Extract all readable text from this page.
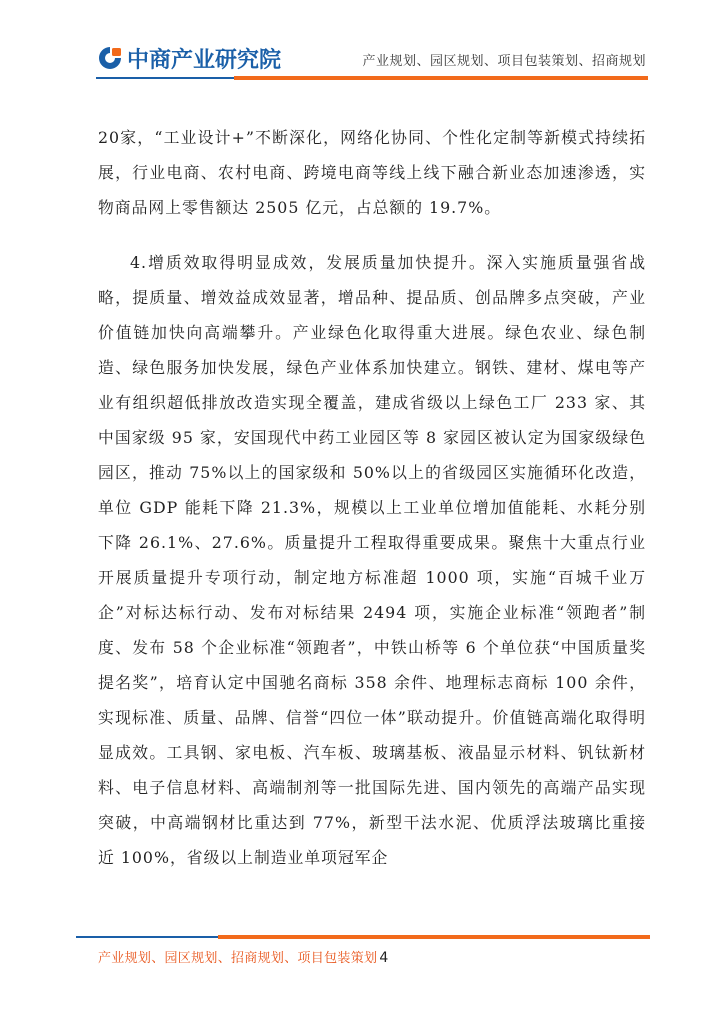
中商产业研究院	产业规划、园区规划、项目包装策划、招商规划

20家，“工业设计+”不断深化，网络化协同、个性化定制等新模式持续拓展，行业电商、农村电商、跨境电商等线上线下融合新业态加速渗透，实物商品网上零售额达 2505 亿元，占总额的 19.7%。

4.增质效取得明显成效，发展质量加快提升。深入实施质量强省战略，提质量、增效益成效显著，增品种、提品质、创品牌多点突破，产业价值链加快向高端攀升。产业绿色化取得重大进展。绿色农业、绿色制造、绿色服务加快发展，绿色产业体系加快建立。钢铁、建材、煤电等产业有组织超低排放改造实现全覆盖，建成省级以上绿色工厂 233 家、其中国家级 95 家，安国现代中药工业园区等 8 家园区被认定为国家级绿色园区，推动 75%以上的国家级和 50%以上的省级园区实施循环化改造，单位 GDP 能耗下降 21.3%，规模以上工业单位增加值能耗、水耗分别下降 26.1%、27.6%。质量提升工程取得重要成果。聚焦十大重点行业开展质量提升专项行动，制定地方标准超 1000 项，实施“百城千业万企”对标达标行动、发布对标结果 2494 项，实施企业标准“领跑者”制度、发布 58 个企业标准“领跑者”，中铁山桥等 6 个单位获“中国质量奖提名奖”，培育认定中国驰名商标 358 余件、地理标志商标 100 余件，实现标准、质量、品牌、信誉“四位一体”联动提升。价值链高端化取得明显成效。工具钢、家电板、汽车板、玻璃基板、液晶显示材料、钒钛新材料、电子信息材料、高端制剂等一批国际先进、国内领先的高端产品实现突破，中高端钢材比重达到 77%，新型干法水泥、优质浮法玻璃比重接近 100%，省级以上制造业单项冠军企

产业规划、园区规划、招商规划、项目包装策划 4
